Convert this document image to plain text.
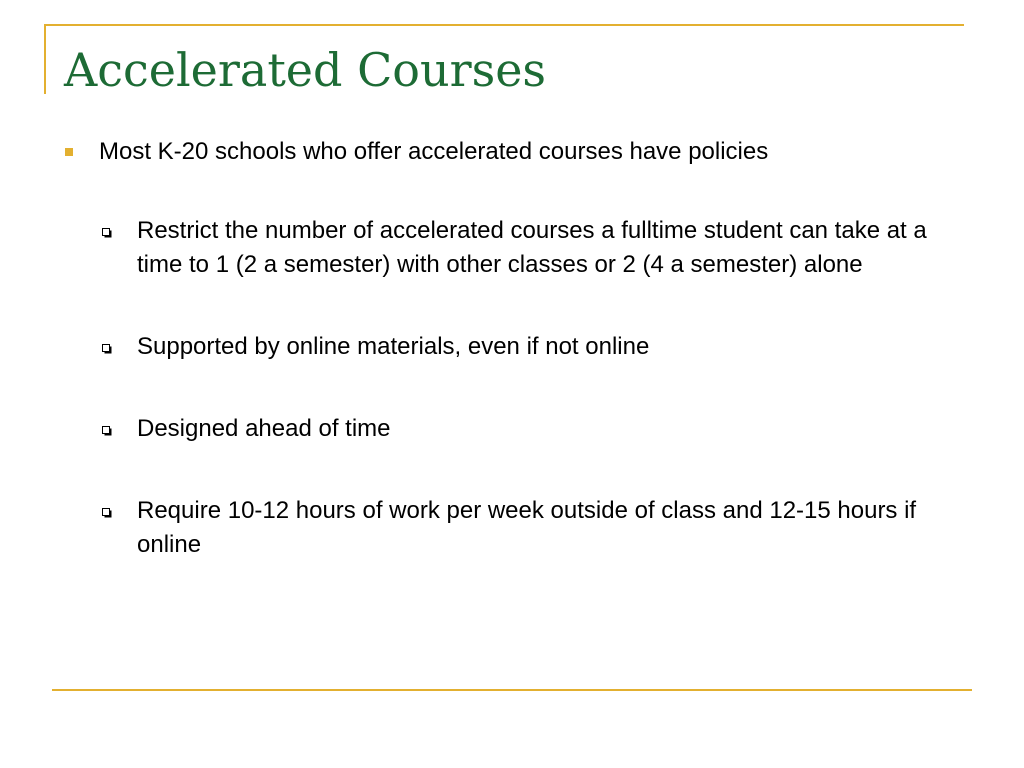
Accelerated Courses
Most K-20 schools who offer accelerated courses have policies
Restrict the number of accelerated courses a fulltime student can take at a time to 1 (2 a semester) with other classes or 2 (4 a semester) alone
Supported by online materials, even if not online
Designed ahead of time
Require 10-12 hours of work per week outside of class and 12-15 hours if online
